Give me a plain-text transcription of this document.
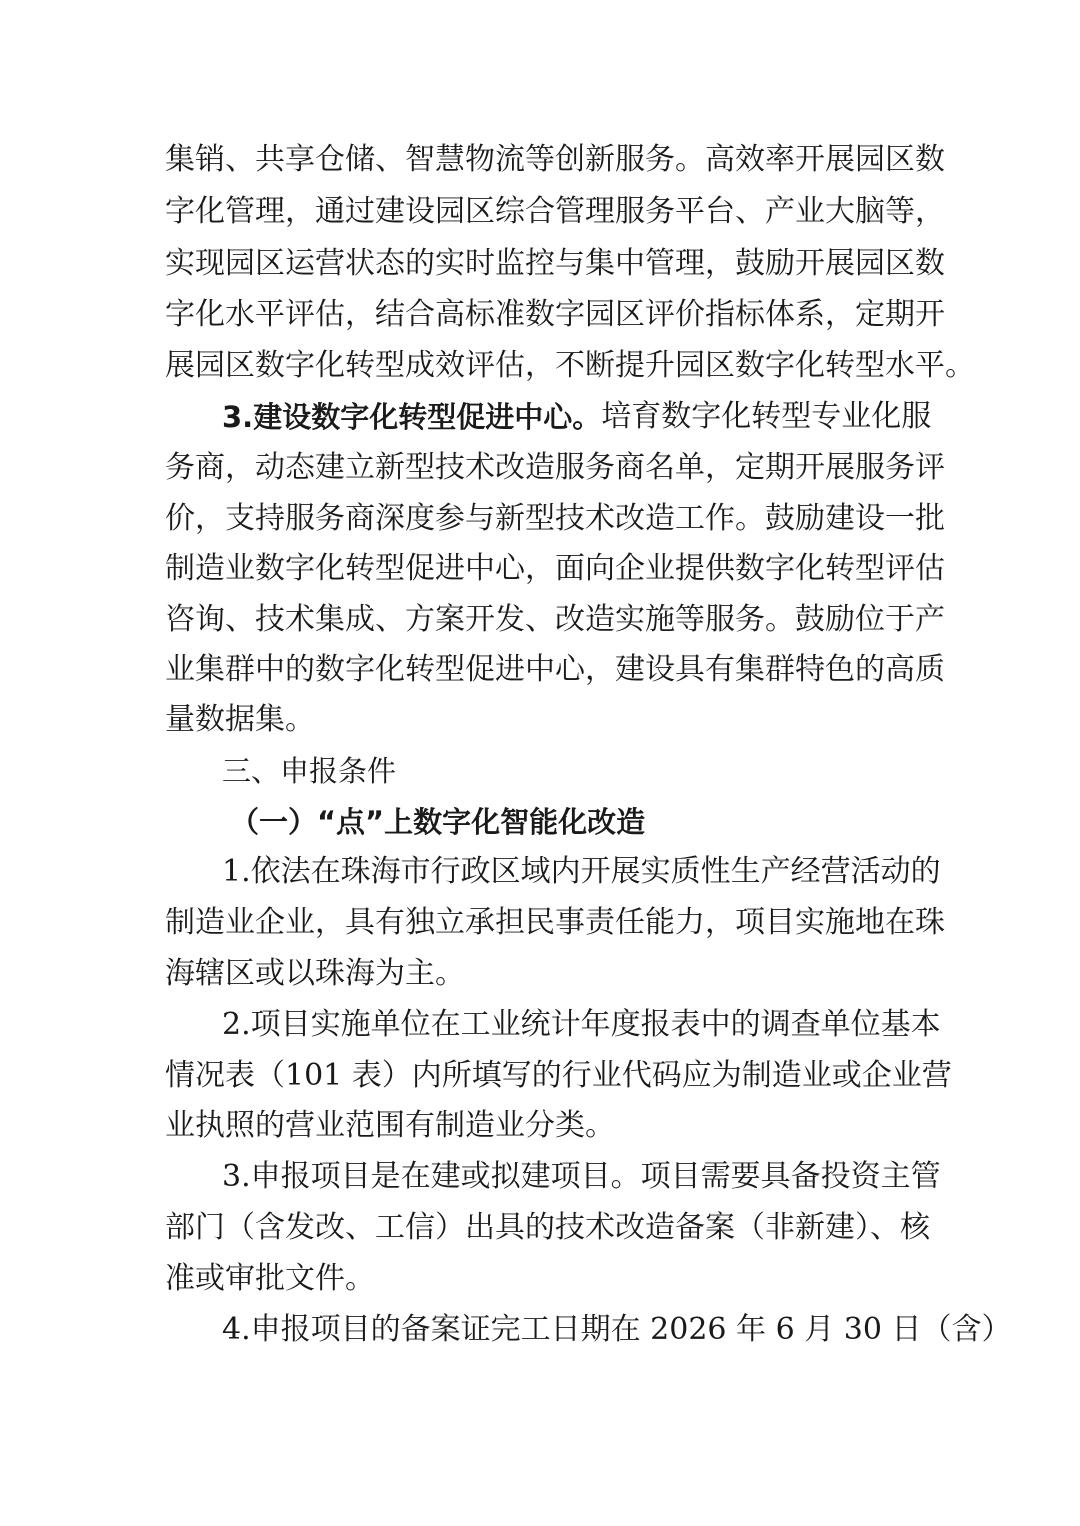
集销、共享仓储、智慧物流等创新服务。高效率开展园区数
字化管理，通过建设园区综合管理服务平台、产业大脑等，
实现园区运营状态的实时监控与集中管理，鼓励开展园区数
字化水平评估，结合高标准数字园区评价指标体系，定期开
展园区数字化转型成效评估，不断提升园区数字化转型水平。
3.建设数字化转型促进中心。 培育数字化转型专业化服
务商，动态建立新型技术改造服务商名单，定期开展服务评
价，支持服务商深度参与新型技术改造工作。鼓励建设一批
制造业数字化转型促进中心，面向企业提供数字化转型评估
咨询、技术集成、方案开发、改造实施等服务。鼓励位于产
业集群中的数字化转型促进中心，建设具有集群特色的高质
量数据集。
三、申报条件
（一）“点”上数字化智能化改造
1.依法在珠海市行政区域内开展实质性生产经营活动的
制造业企业，具有独立承担民事责任能力，项目实施地在珠
海辖区或以珠海为主。
2.项目实施单位在工业统计年度报表中的调查单位基本
情况表（101 表）内所填写的行业代码应为制造业或企业营
业执照的营业范围有制造业分类。
3.申报项目是在建或拟建项目。项目需要具备投资主管
部门（含发改、工信）出具的技术改造备案（非新建）、核
准或审批文件。
4.申报项目的备案证完工日期在 2026 年 6 月 30 日（含）
